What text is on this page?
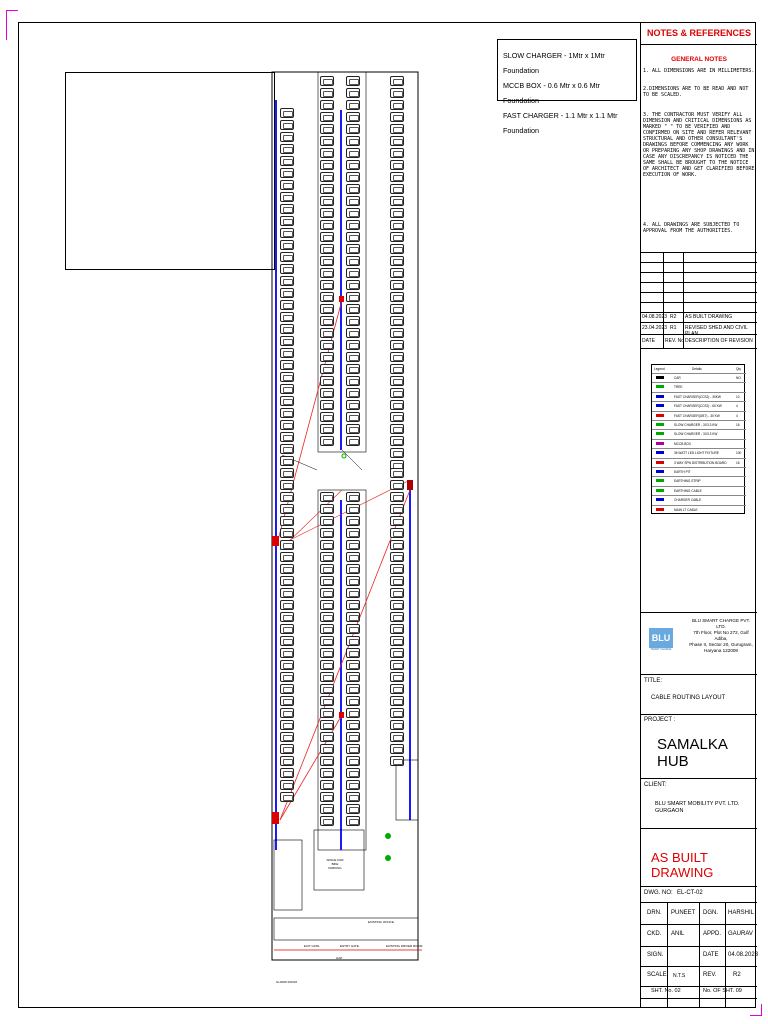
SLOW CHARGER - 1Mtr x 1Mtr Foundation
MCCB BOX - 0.6 Mtr x 0.6 Mtr Foundation
FAST CHARGER - 1.1 Mtr x 1.1 Mtr Foundation
GUARD ROOM
SPACE FOR BIKE PARKING
ENTRY GATE
EXIT GATE
EXISTING OFFICE
EXISTING DRIVER ROOM
GAP
NOTES & REFERENCES
GENERAL NOTES
1. ALL DIMENSIONS ARE IN MILLIMETERS.
2.DIMENSIONS ARE TO BE READ AND NOT TO BE SCALED.
3. THE CONTRACTOR MUST VERIFY ALL DIMENSION AND CRITICAL DIMENSIONS AS MARKED " " TO BE VERIFIED AND CONFIRMED ON SITE AND REFER RELEVANT STRUCTURAL AND OTHER CONSULTANT'S DRAWINGS BEFORE COMMENCING ANY WORK OR PREPARING ANY SHOP DRAWINGS AND IN CASE ANY DISCREPANCY IS NOTICED THE SAME SHALL BE BROUGHT TO THE NOTICE OF ARCHITECT AND GET CLARIFIED BEFORE EXECUTION OF WORK.
4. ALL DRAWINGS ARE SUBJECTED TO APPROVAL FROM THE AUTHORITIES.
04.08.2023 R2 AS BUILT DRAWING
23.04.2023 R1 REVISED SHED AND CIVIL PLAN
DATE REV. No DESCRIPTION OF REVISION
Legend	Details	Qty
CAR	NO
TREE
FAST CHARGER(CCS2) - 30KW	10
FAST CHARGER(CCS2) - 60 KW	4
FAST CHARGER(GBT) - 30 KW	4
SLOW CHARGER - 3X3.3 KW	16
SLOW CHARGER - 3X3.3 KW
MCCB BOX
36 WATT LED LIGHT FIXTURE	100
3 WAY SPN DISTRIBUTION BOARD	16
EARTH PIT
EARTHING STRIP
EARTHING CABLE
CHARGER CABLE
MAIN LT CABLE
BLU
SMART CHARGE
BLU SMART CHARGE PVT. LTD.
7th Floor, Plot No 272, Gulf Adiba,
Phase II, Sector 20, Gurugram,
Haryana 122008
TITLE:
CABLE ROUTING LAYOUT
PROJECT :
SAMALKA HUB
CLIENT:
BLU SMART MOBILITY PVT. LTD.
GURGAON
AS BUILT DRAWING
DWG. NO: EL-CT-02
DRN. PUNEET DGN. HARSHIL
CKD. ANIL	APPD. GAURAV
SIGN.	DATE 04.08.2023
SCALE N.T.S	REV.	R2
SHT. No. 02	No. OF SHT. 09
